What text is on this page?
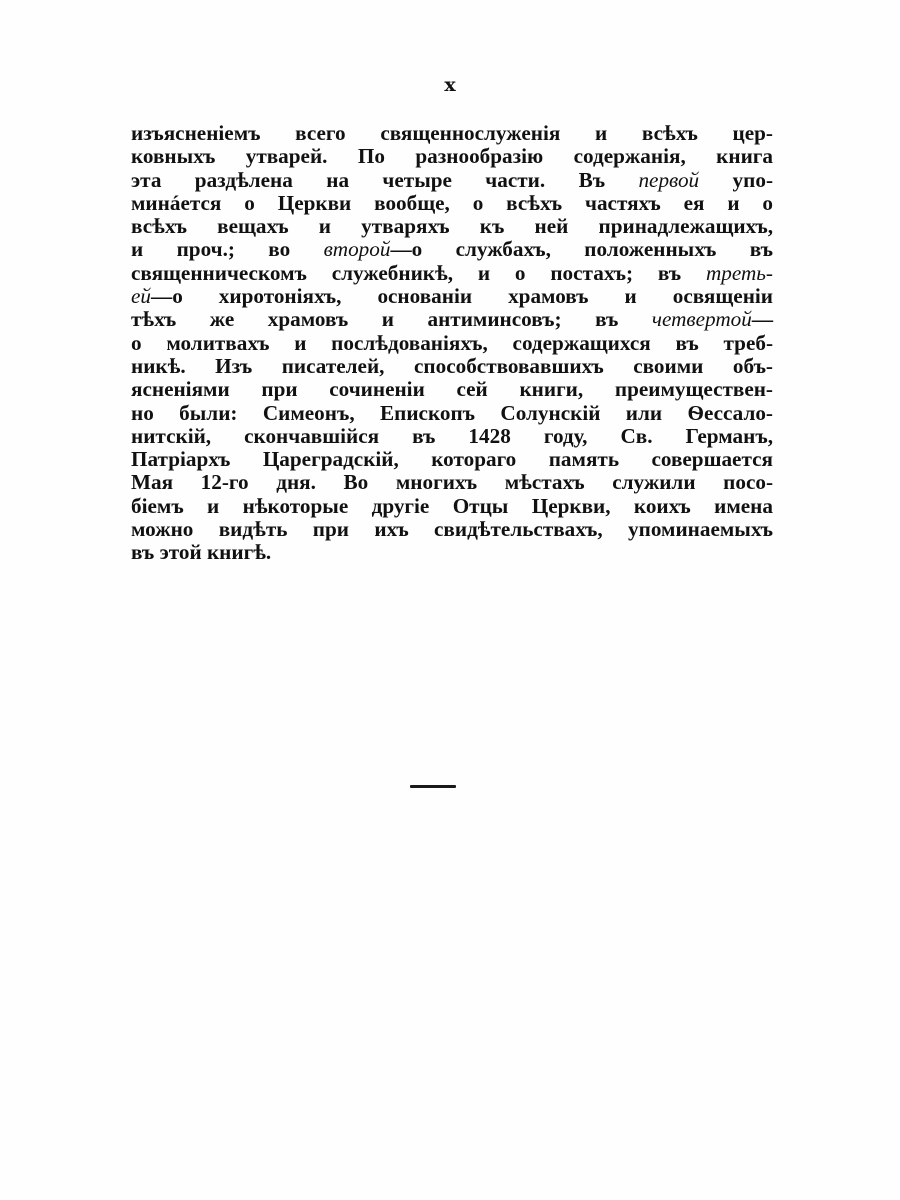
x
изъясненіемъ всего священнослуженія и всѣхъ цер-
ковныхъ утварей. По разнообразію содержанія, книга
эта раздѣлена на четыре части. Въ первой упо-
минáется о Церкви вообще, о всѣхъ частяхъ ея и о
всѣхъ вещахъ и утваряхъ къ ней принадлежащихъ,
и проч.; во второй—о службахъ, положенныхъ въ
священническомъ служебникѣ, и о постахъ; въ треть-
ей—о хиротоніяхъ, основаніи храмовъ и освященіи
тѣхъ же храмовъ и антиминсовъ; въ четвертой—
о молитвахъ и послѣдованіяхъ, содержащихся въ треб-
никѣ. Изъ писателей, способствовавшихъ своими объ-
ясненіями при сочиненіи сей книги, преимуществен-
но были: Симеонъ, Епископъ Солунскій или Ѳессало-
нитскій, скончавшійся въ 1428 году, Св. Германъ,
Патріархъ Цареградскій, котораго память совершается
Мая 12-го дня. Во многихъ мѣстахъ служили посо-
біемъ и нѣкоторые другіе Отцы Церкви, коихъ имена
можно видѣть при ихъ свидѣтельствахъ, упоминаемыхъ
въ этой книгѣ.
